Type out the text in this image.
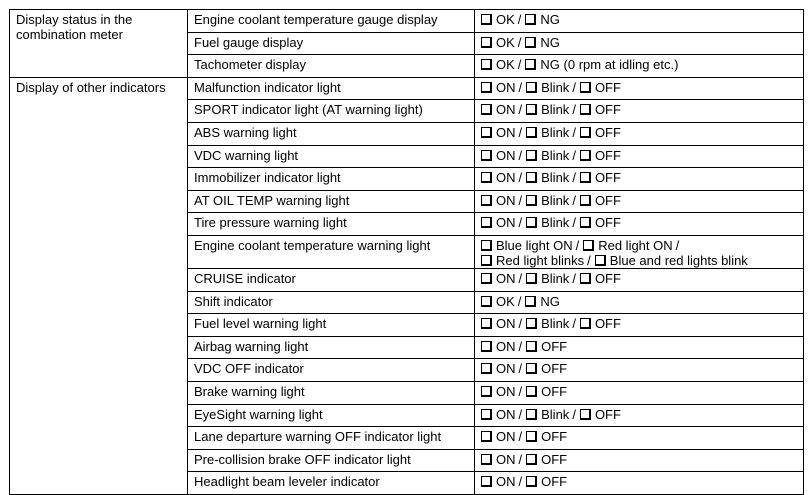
Display status in the combination meter	Engine coolant temperature gauge display	OK / NG

	Fuel gauge display	OK / NG

	Tachometer display	OK / NG (0 rpm at idling etc.)

Display of other indicators	Malfunction indicator light	ON / Blink / OFF

	SPORT indicator light (AT warning light)	ON / Blink / OFF

	ABS warning light	ON / Blink / OFF

	VDC warning light	ON / Blink / OFF

	Immobilizer indicator light	ON / Blink / OFF

	AT OIL TEMP warning light	ON / Blink / OFF

	Tire pressure warning light	ON / Blink / OFF

	Engine coolant temperature warning light	Blue light ON / Red light ON /
Red light blinks / Blue and red lights blink

	CRUISE indicator	ON / Blink / OFF

	Shift indicator	OK / NG

	Fuel level warning light	ON / Blink / OFF

	Airbag warning light	ON / OFF

	VDC OFF indicator	ON / OFF

	Brake warning light	ON / OFF

	EyeSight warning light	ON / Blink / OFF

	Lane departure warning OFF indicator light	ON / OFF

	Pre-collision brake OFF indicator light	ON / OFF

	Headlight beam leveler indicator	ON / OFF
